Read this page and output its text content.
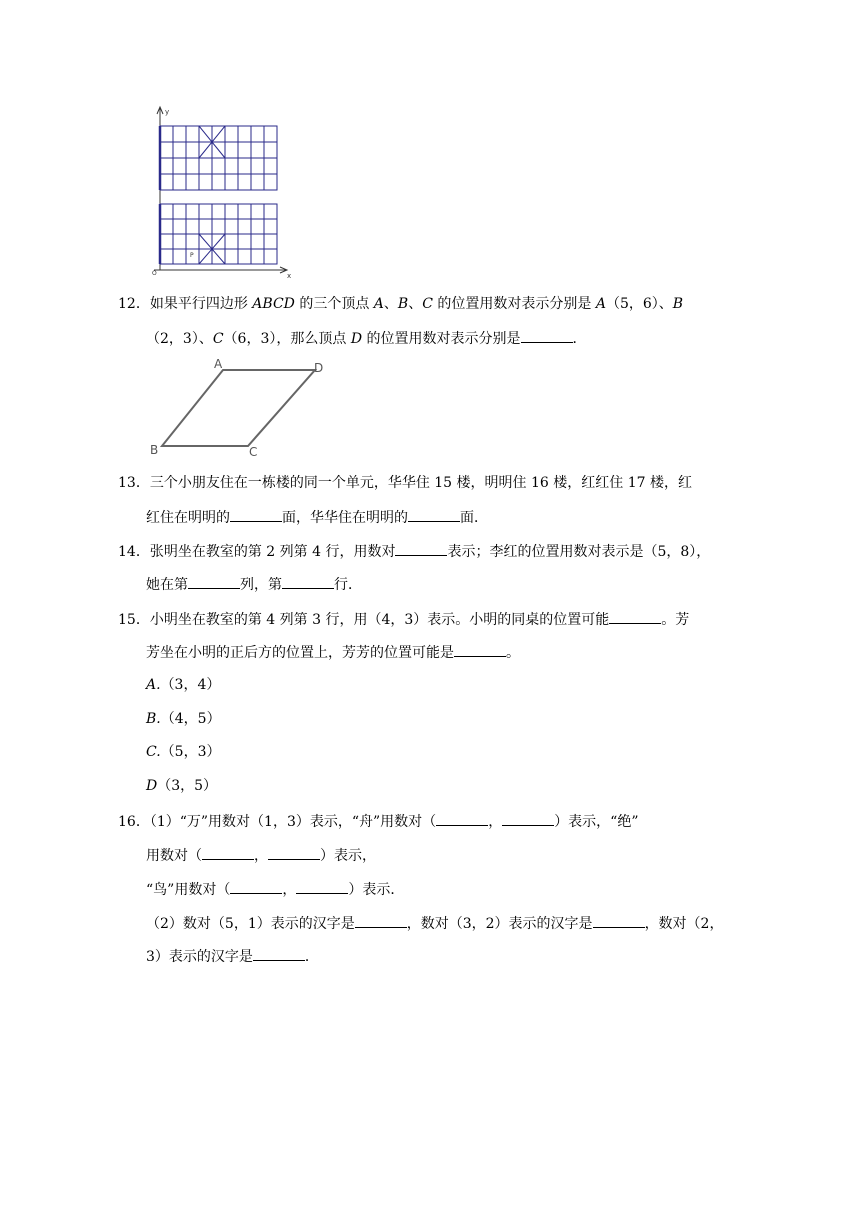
y
x
O
P
12．如果平行四边形 ABCD 的三个顶点 A、B、C 的位置用数对表示分别是 A（5，6）、B
（2，3）、C（6，3），那么顶点 D 的位置用数对表示分别是	．
A	D
B	C
13．三个小朋友住在一栋楼的同一个单元，华华住 15 楼，明明住 16 楼，红红住 17 楼，红
红住在明明的	面，华华住在明明的	面．
14．张明坐在教室的第 2 列第 4 行，用数对	表示；李红的位置用数对表示是（5，8），
她在第	列，第	行．
15．小明坐在教室的第 4 列第 3 行，用（4，3）表示。小明的同桌的位置可能	。芳
芳坐在小明的正后方的位置上，芳芳的位置可能是	。
A.（3，4）
B.（4，5）
C.（5，3）
D（3，5）
16．（1）“万”用数对（1，3）表示，“舟”用数对（	，	）表示，“绝”
用数对（	，	）表示，
“鸟”用数对（	，	）表示．
（2）数对（5，1）表示的汉字是	，数对（3，2）表示的汉字是	，数对（2，
3）表示的汉字是	．
